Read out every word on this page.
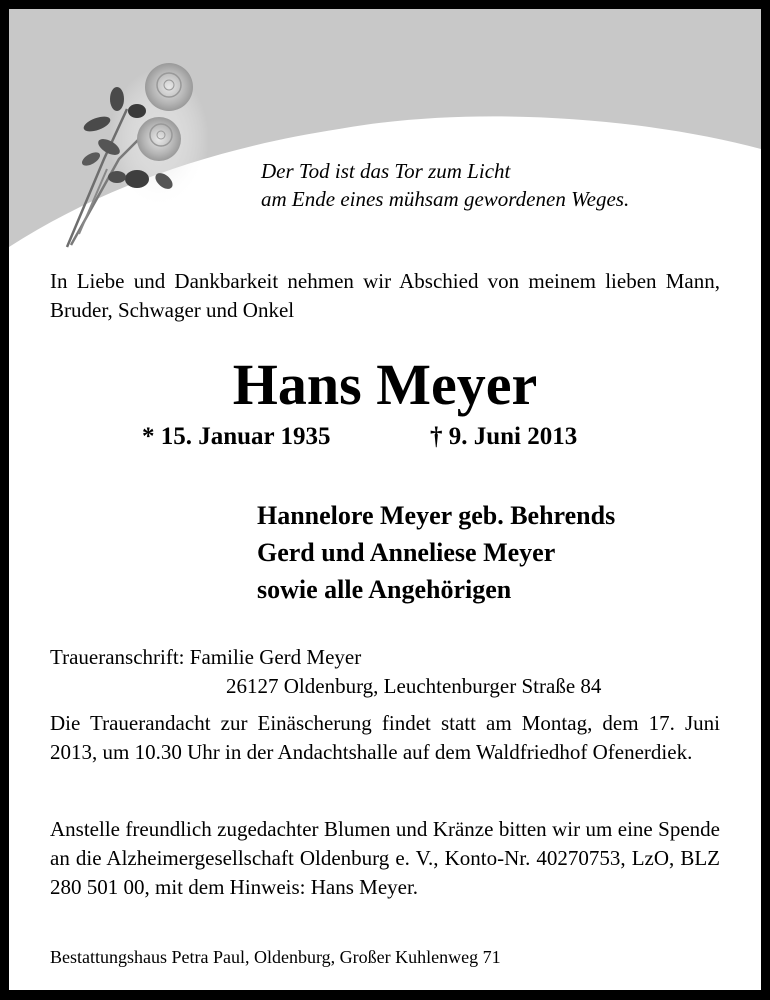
Der Tod ist das Tor zum Licht
am Ende eines mühsam gewordenen Weges.
In Liebe und Dankbarkeit nehmen wir Abschied von meinem lieben Mann, Bruder, Schwager und Onkel
Hans Meyer
* 15. Januar 1935	† 9. Juni 2013
Hannelore Meyer geb. Behrends
Gerd und Anneliese Meyer
sowie alle Angehörigen
Traueranschrift: Familie Gerd Meyer
26127 Oldenburg, Leuchtenburger Straße 84
Die Trauerandacht zur Einäscherung findet statt am Montag, dem 17. Juni 2013, um 10.30 Uhr in der Andachtshalle auf dem Waldfriedhof Ofenerdiek.
Anstelle freundlich zugedachter Blumen und Kränze bitten wir um eine Spende an die Alzheimergesellschaft Oldenburg e. V., Konto-Nr. 40270753, LzO, BLZ 280 501 00, mit dem Hinweis: Hans Meyer.
Bestattungshaus Petra Paul, Oldenburg, Großer Kuhlenweg 71
